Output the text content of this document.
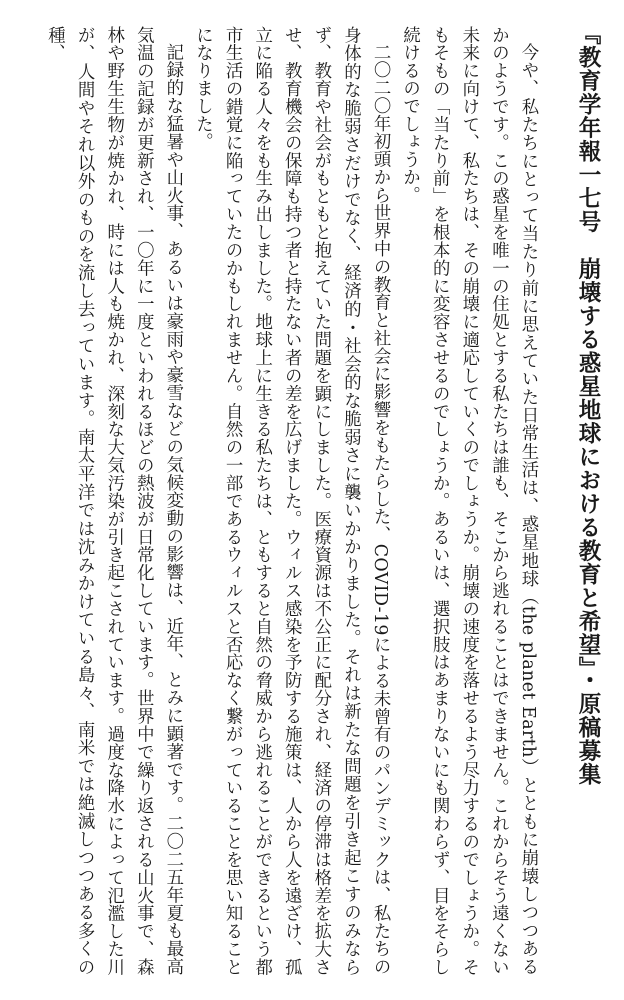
『教育学年報一七号　崩壊する惑星地球における教育と希望』・原稿募集

今や、私たちにとって当たり前に思えていた日常生活は、惑星地球（the planet Earth）とともに崩壊しつつあるかのようです。この惑星を唯一の住処とする私たちは誰も、そこから逃れることはできません。これからそう遠くない未来に向けて、私たちは、その崩壊に適応していくのでしょうか。崩壊の速度を落せるよう尽力するのでしょうか。そもそもの「当たり前」を根本的に変容させるのでしょうか。あるいは、選択肢はあまりないにも関わらず、目をそらし続けるのでしょうか。

二〇二〇年初頭から世界中の教育と社会に影響をもたらした、COVID-19による未曾有のパンデミックは、私たちの身体的な脆弱さだけでなく、経済的・社会的な脆弱さに襲いかかりました。それは新たな問題を引き起こすのみならず、教育や社会がもともと抱えていた問題を顕にしました。医療資源は不公正に配分され、経済の停滞は格差を拡大させ、教育機会の保障も持つ者と持たない者の差を広げました。ウィルス感染を予防する施策は、人から人を遠ざけ、孤立に陥る人々をも生み出しました。地球上に生きる私たちは、ともすると自然の脅威から逃れることができるという都市生活の錯覚に陥っていたのかもしれません。自然の一部であるウィルスと否応なく繋がっていることを思い知ることになりました。

記録的な猛暑や山火事、あるいは豪雨や豪雪などの気候変動の影響は、近年、とみに顕著です。二〇二五年夏も最高気温の記録が更新され、一〇年に一度といわれるほどの熱波が日常化しています。世界中で繰り返される山火事で、森林や野生生物が焼かれ、時には人も焼かれ、深刻な大気汚染が引き起こされています。過度な降水によって氾濫した川が、人間やそれ以外のものを流し去っています。南太平洋では沈みかけている島々、南米では絶滅しつつある多くの種、
